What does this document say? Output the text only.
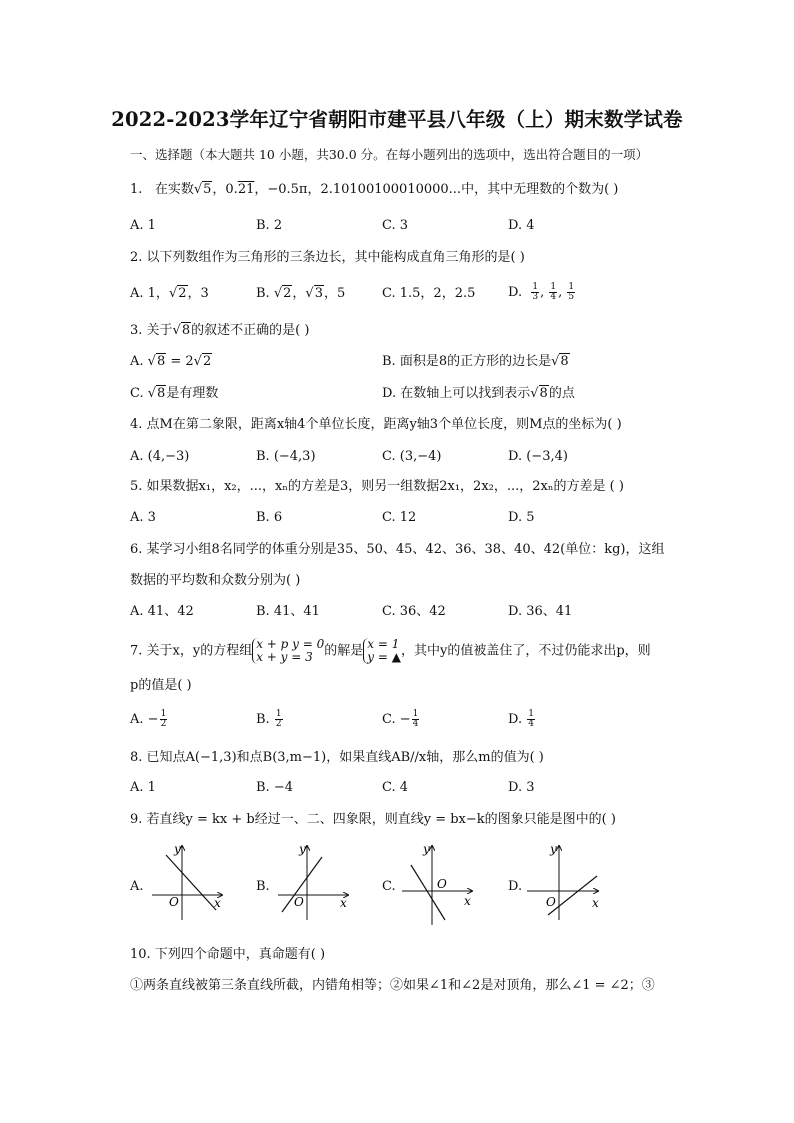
2022-2023学年辽宁省朝阳市建平县八年级（上）期末数学试卷
一、选择题（本大题共 10 小题，共30.0 分。在每小题列出的选项中，选出符合题目的一项）
1. 在实数√5，0.21，−0.5π，2.10100100010000...中，其中无理数的个数为( )
A. 1	B. 2	C. 3	D. 4
2. 以下列数组作为三角形的三条边长，其中能构成直角三角形的是( )
A. 1，√2，3	B. √2，√3，5	C. 1.5，2，2.5	D. $\frac{1}{3}$ , $\frac{1}{4}$ , $\frac{1}{5}$
3. 关于√8的叙述不正确的是( )
A. √8 = 2√2	B. 面积是8的正方形的边长是√8
C. √8是有理数	D. 在数轴上可以找到表示√8的点
4. 点M在第二象限，距离x轴4个单位长度，距离y轴3个单位长度，则M点的坐标为( )
A. (4,−3)	B. (−4,3)	C. (3,−4)	D. (−3,4)
5. 如果数据x₁，x₂，...，xₙ的方差是3，则另一组数据2x₁，2x₂，...，2xₙ的方差是 ( )
A. 3	B. 6	C. 12	D. 5
6. 某学习小组8名同学的体重分别是35、50、45、42、36、38、40、42(单位：kg)，这组
数据的平均数和众数分别为( )
A. 41、42	B. 41、41	C. 36、42	D. 36、41
7. 关于x，y的方程组 x + p y = 0
x + y = 3 的解是 x = 1
y = ▲ ，其中y的值被盖住了，不过仍能求出p，则
p的值是( )
A. − $\frac{1}{2}$	B. $\frac{1}{2}$	C. − $\frac{1}{4}$	D. $\frac{1}{4}$
8. 已知点A(−1,3)和点B(3,m−1)，如果直线AB//x轴，那么m的值为( )
A. 1	B. −4	C. 4	D. 3
9. 若直线y = kx + b经过一、二、四象限，则直线y = bx−k的图象只能是图中的( )
A.	B.	C.	D.
y
x
O
y
x
O
y
x
O
y
x
O
10. 下列四个命题中，真命题有( )
①两条直线被第三条直线所截，内错角相等；②如果∠1和∠2是对顶角，那么∠1 = ∠2；③
